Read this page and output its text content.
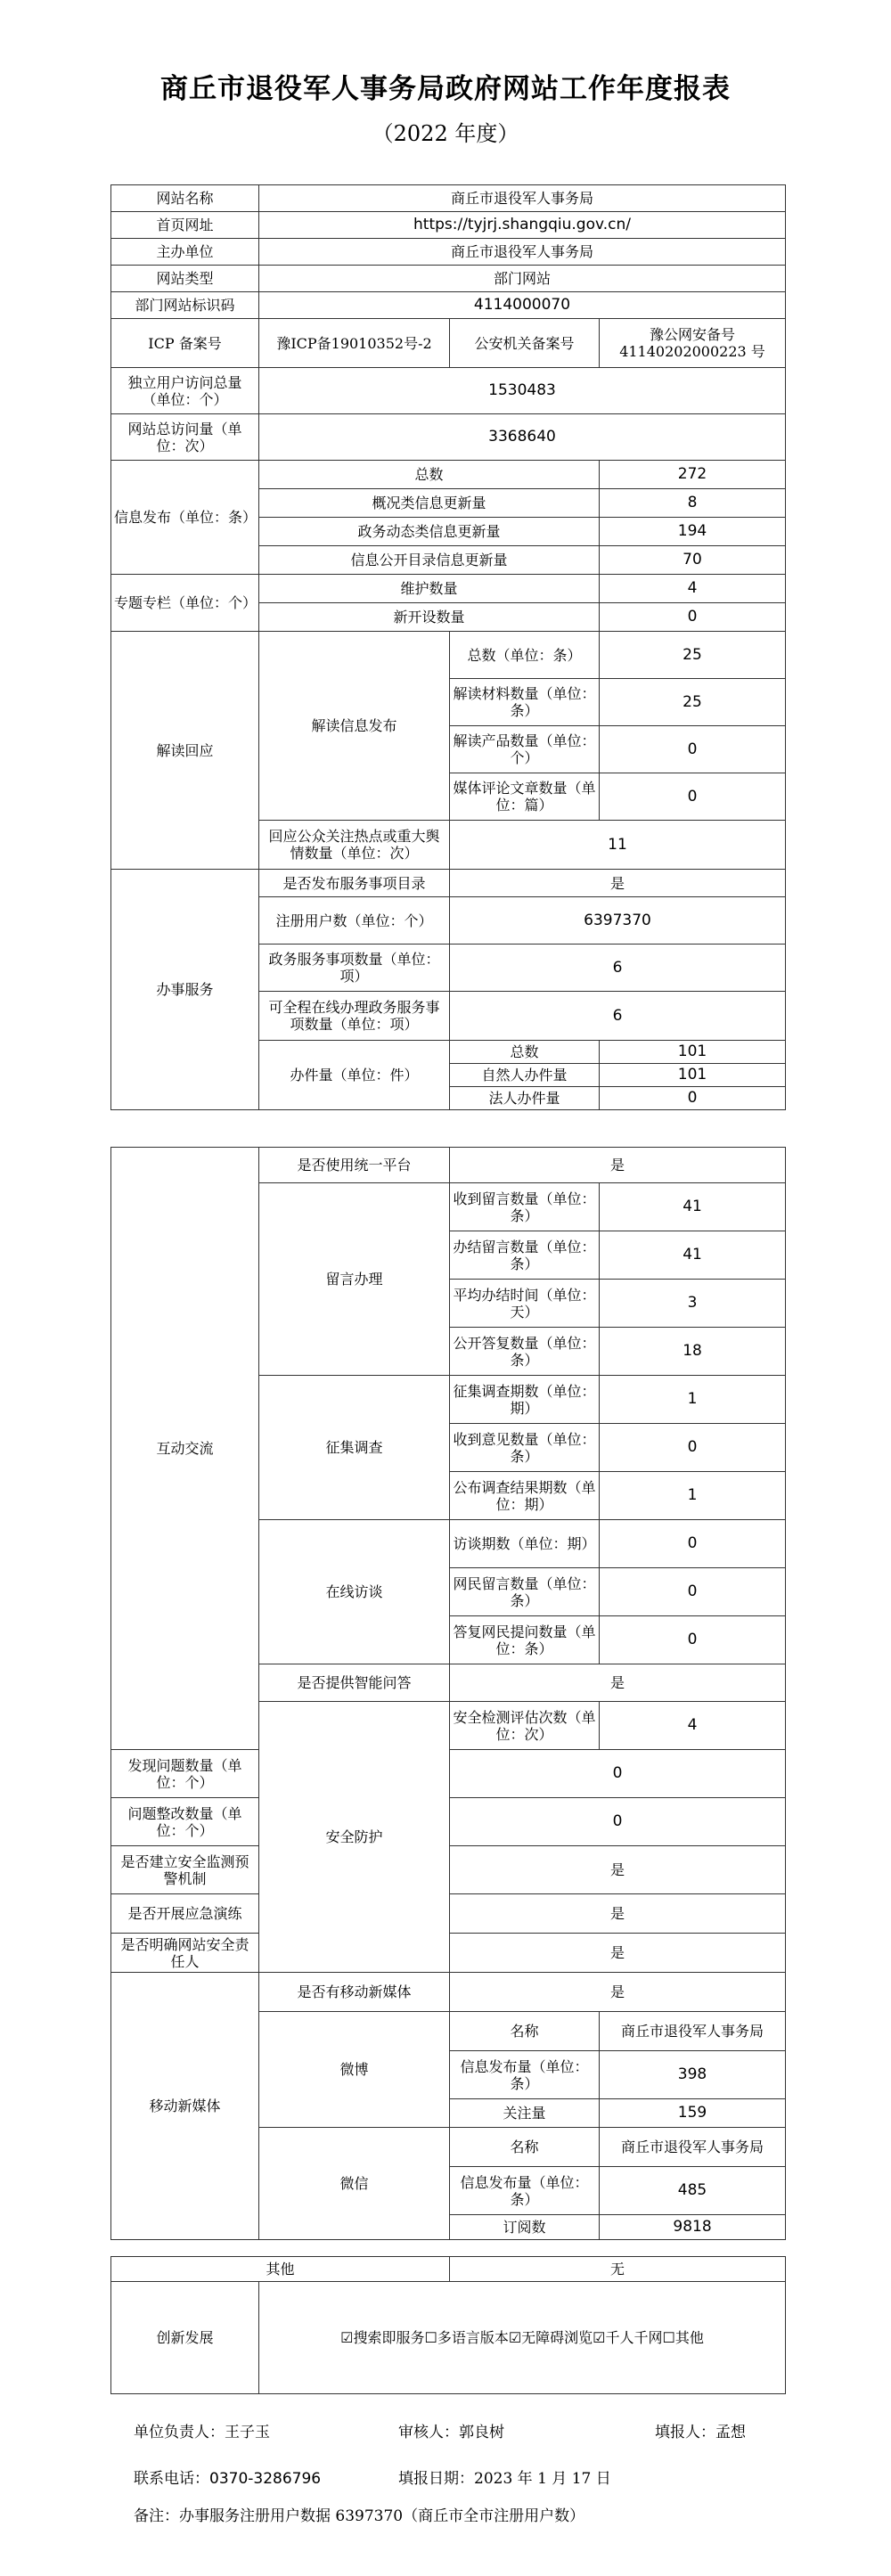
商丘市退役军人事务局政府网站工作年度报表
（2022 年度）
网站名称	商丘市退役军人事务局		
首页网址	https://tyjrj.shangqiu.gov.cn/		
主办单位	商丘市退役军人事务局		
网站类型	部门网站		
部门网站标识码	4114000070		
ICP 备案号	豫ICP备19010352号-2	公安机关备案号	豫公网安备号41140202000223 号
独立用户访问总量（单位：个）	1530483		
网站总访问量（单位：次）	3368640		
信息发布（单位：条）	总数		272
	概况类信息更新量		8
	政务动态类信息更新量		194
	信息公开目录信息更新量		70
专题专栏（单位：个）	维护数量		4
	新开设数量		0
解读回应	解读信息发布	总数（单位：条）	25
		解读材料数量（单位：条）	25
		解读产品数量（单位：个）	0
		媒体评论文章数量（单位：篇）	0
	回应公众关注热点或重大舆情数量（单位：次）	11	
办事服务	是否发布服务事项目录	是	
	注册用户数（单位：个）	6397370	
	政务服务事项数量（单位：项）	6	
	可全程在线办理政务服务事项数量（单位：项）	6	
	办件量（单位：件）	总数	101
		自然人办件量	101
		法人办件量	0
互动交流	是否使用统一平台	是	
	留言办理	收到留言数量（单位：条）	41
		办结留言数量（单位：条）	41
		平均办结时间（单位：天）	3
		公开答复数量（单位：条）	18
	征集调查	征集调查期数（单位：期）	1
		收到意见数量（单位：条）	0
		公布调查结果期数（单位：期）	1
	在线访谈	访谈期数（单位：期）	0
		网民留言数量（单位：条）	0
		答复网民提问数量（单位：条）	0
	是否提供智能问答	是	
	安全防护	安全检测评估次数（单位：次）	4
发现问题数量（单位：个）		0	
问题整改数量（单位：个）		0	
是否建立安全监测预警机制		是	
是否开展应急演练		是	
是否明确网站安全责任人		是	
移动新媒体	是否有移动新媒体	是	
	微博	名称	商丘市退役军人事务局
		信息发布量（单位：条）	398
		关注量	159
	微信	名称	商丘市退役军人事务局
		信息发布量（单位：条）	485
		订阅数	9818
其他		无
创新发展	☑搜索即服务☐多语言版本☑无障碍浏览☑千人千网☐其他	
单位负责人：王子玉	审核人：郭良树	填报人：孟想
联系电话：0370-3286796	填报日期：2023 年 1 月 17 日
备注：办事服务注册用户数据 6397370（商丘市全市注册用户数）
